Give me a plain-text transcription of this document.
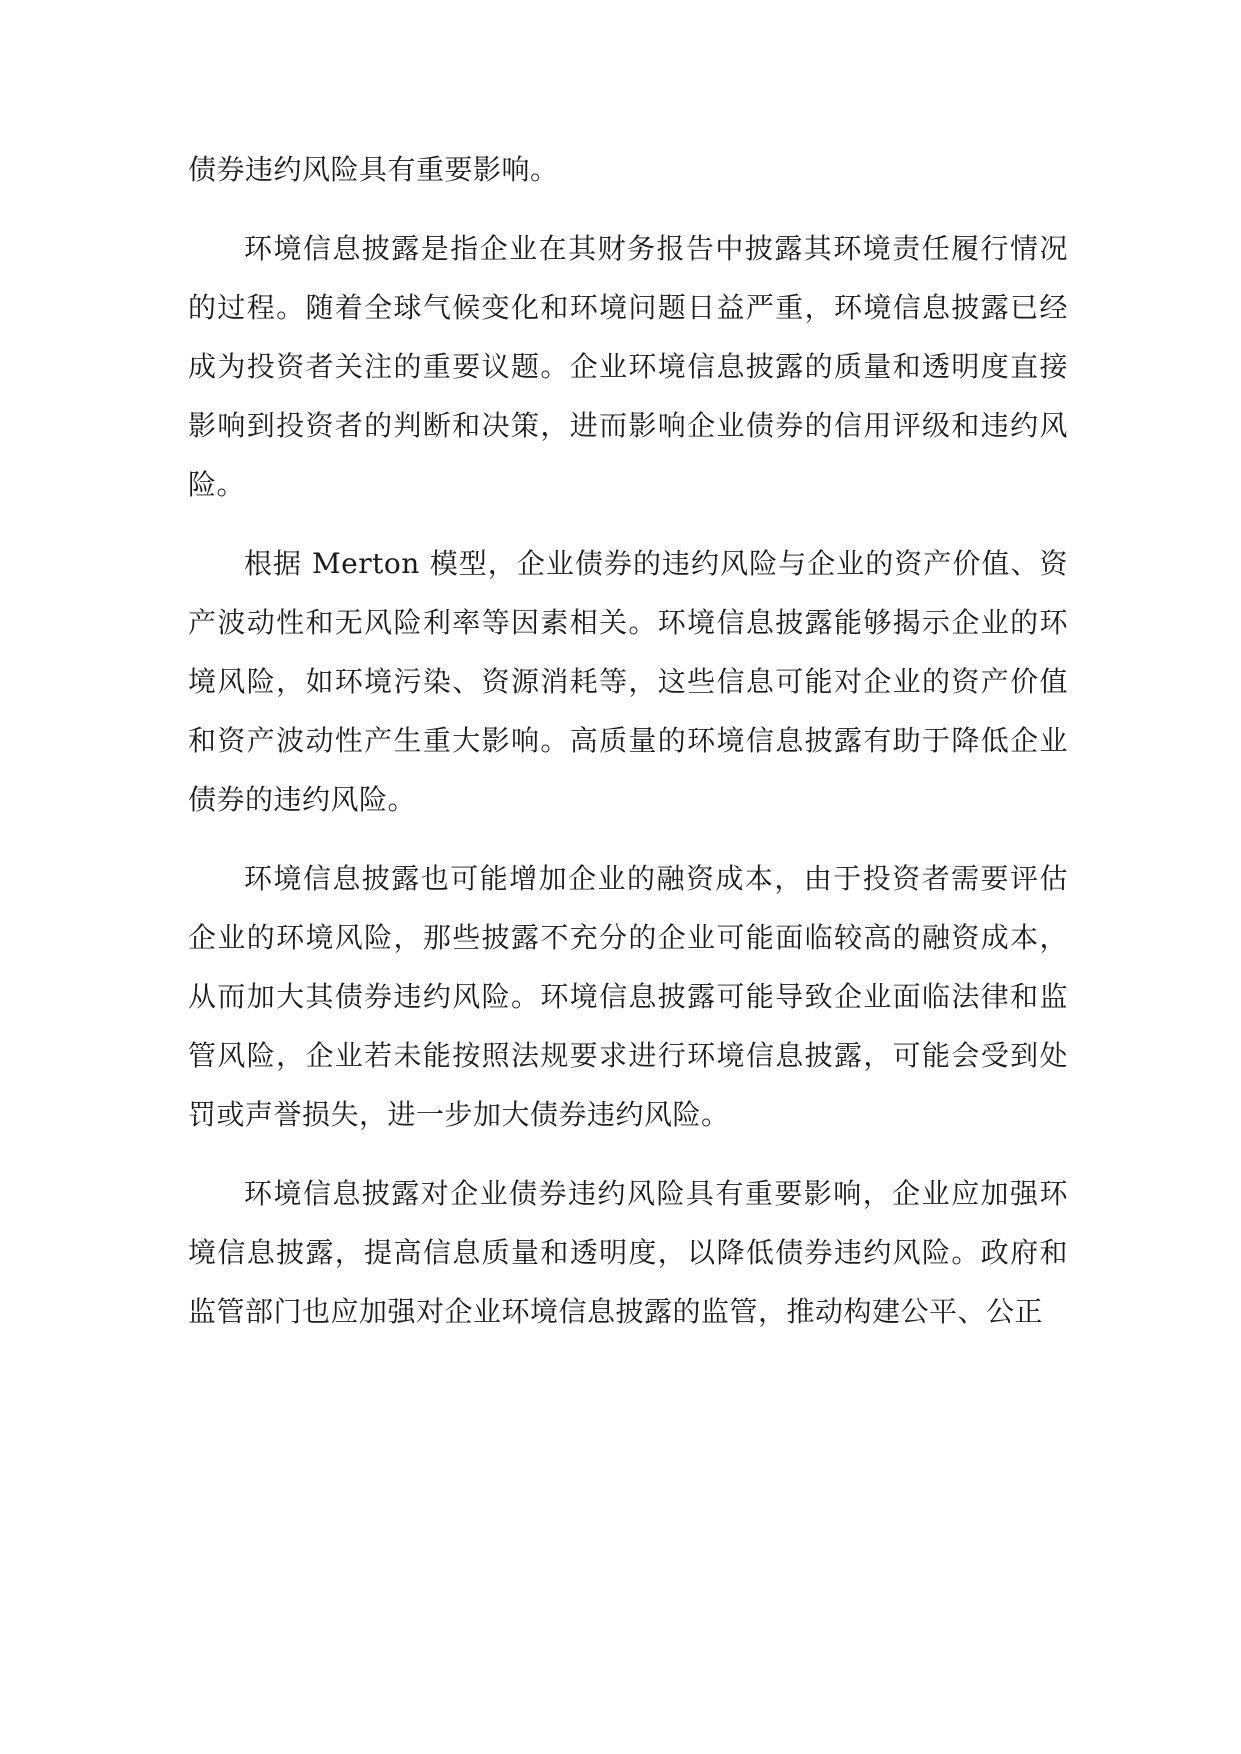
债券违约风险具有重要影响。

环境信息披露是指企业在其财务报告中披露其环境责任履行情况的过程。随着全球气候变化和环境问题日益严重，环境信息披露已经成为投资者关注的重要议题。企业环境信息披露的质量和透明度直接影响到投资者的判断和决策，进而影响企业债券的信用评级和违约风险。

根据 Merton 模型，企业债券的违约风险与企业的资产价值、资产波动性和无风险利率等因素相关。环境信息披露能够揭示企业的环境风险，如环境污染、资源消耗等，这些信息可能对企业的资产价值和资产波动性产生重大影响。高质量的环境信息披露有助于降低企业债券的违约风险。

环境信息披露也可能增加企业的融资成本，由于投资者需要评估企业的环境风险，那些披露不充分的企业可能面临较高的融资成本，从而加大其债券违约风险。环境信息披露可能导致企业面临法律和监管风险，企业若未能按照法规要求进行环境信息披露，可能会受到处罚或声誉损失，进一步加大债券违约风险。

环境信息披露对企业债券违约风险具有重要影响，企业应加强环境信息披露，提高信息质量和透明度，以降低债券违约风险。政府和监管部门也应加强对企业环境信息披露的监管，推动构建公平、公正
